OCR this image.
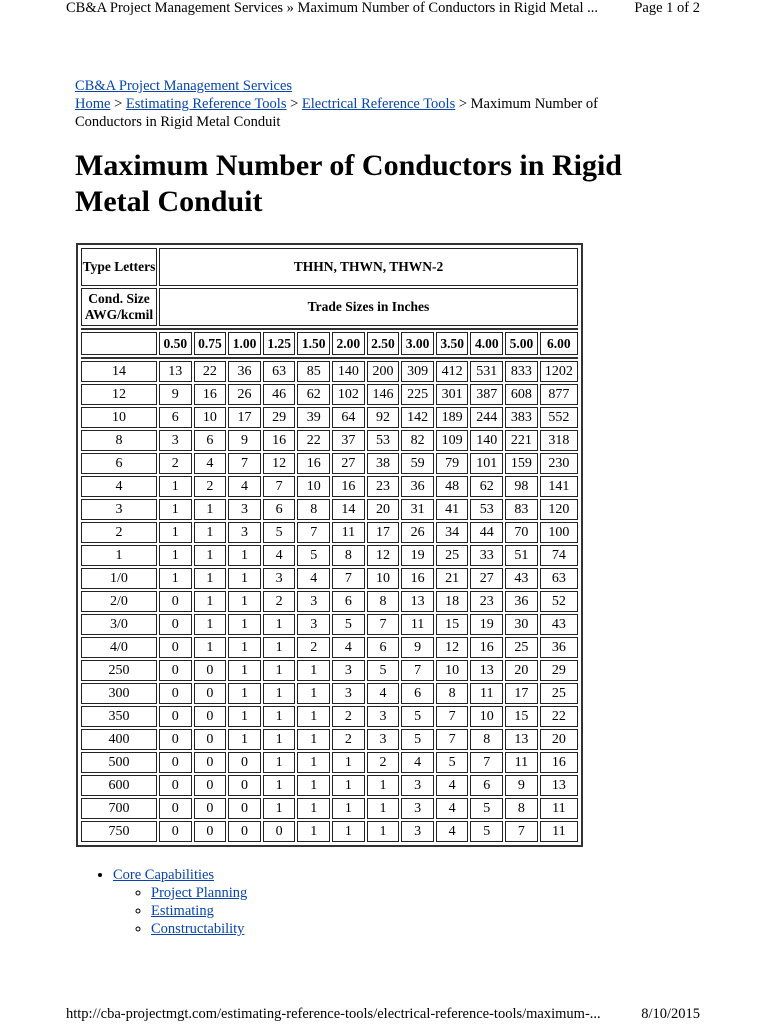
CB&A Project Management Services » Maximum Number of Conductors in Rigid Metal ...	Page 1 of 2
CB&A Project Management Services
Home > Estimating Reference Tools > Electrical Reference Tools > Maximum Number of Conductors in Rigid Metal Conduit
Maximum Number of Conductors in Rigid Metal Conduit
Type Letters	THHN, THWN, THWN-2											
Cond. Size AWG/kcmil	Trade Sizes in Inches											

	0.50	0.75	1.00	1.25	1.50	2.00	2.50	3.00	3.50	4.00	5.00	6.00

14	13	22	36	63	85	140	200	309	412	531	833	1202
12	9	16	26	46	62	102	146	225	301	387	608	877
10	6	10	17	29	39	64	92	142	189	244	383	552
8	3	6	9	16	22	37	53	82	109	140	221	318
6	2	4	7	12	16	27	38	59	79	101	159	230
4	1	2	4	7	10	16	23	36	48	62	98	141
3	1	1	3	6	8	14	20	31	41	53	83	120
2	1	1	3	5	7	11	17	26	34	44	70	100
1	1	1	1	4	5	8	12	19	25	33	51	74
1/0	1	1	1	3	4	7	10	16	21	27	43	63
2/0	0	1	1	2	3	6	8	13	18	23	36	52
3/0	0	1	1	1	3	5	7	11	15	19	30	43
4/0	0	1	1	1	2	4	6	9	12	16	25	36
250	0	0	1	1	1	3	5	7	10	13	20	29
300	0	0	1	1	1	3	4	6	8	11	17	25
350	0	0	1	1	1	2	3	5	7	10	15	22
400	0	0	1	1	1	2	3	5	7	8	13	20
500	0	0	0	1	1	1	2	4	5	7	11	16
600	0	0	0	1	1	1	1	3	4	6	9	13
700	0	0	0	1	1	1	1	3	4	5	8	11
750	0	0	0	0	1	1	1	3	4	5	7	11
• Core Capabilities
◦ Project Planning
◦ Estimating
◦ Constructability
http://cba-projectmgt.com/estimating-reference-tools/electrical-reference-tools/maximum-...	8/10/2015
